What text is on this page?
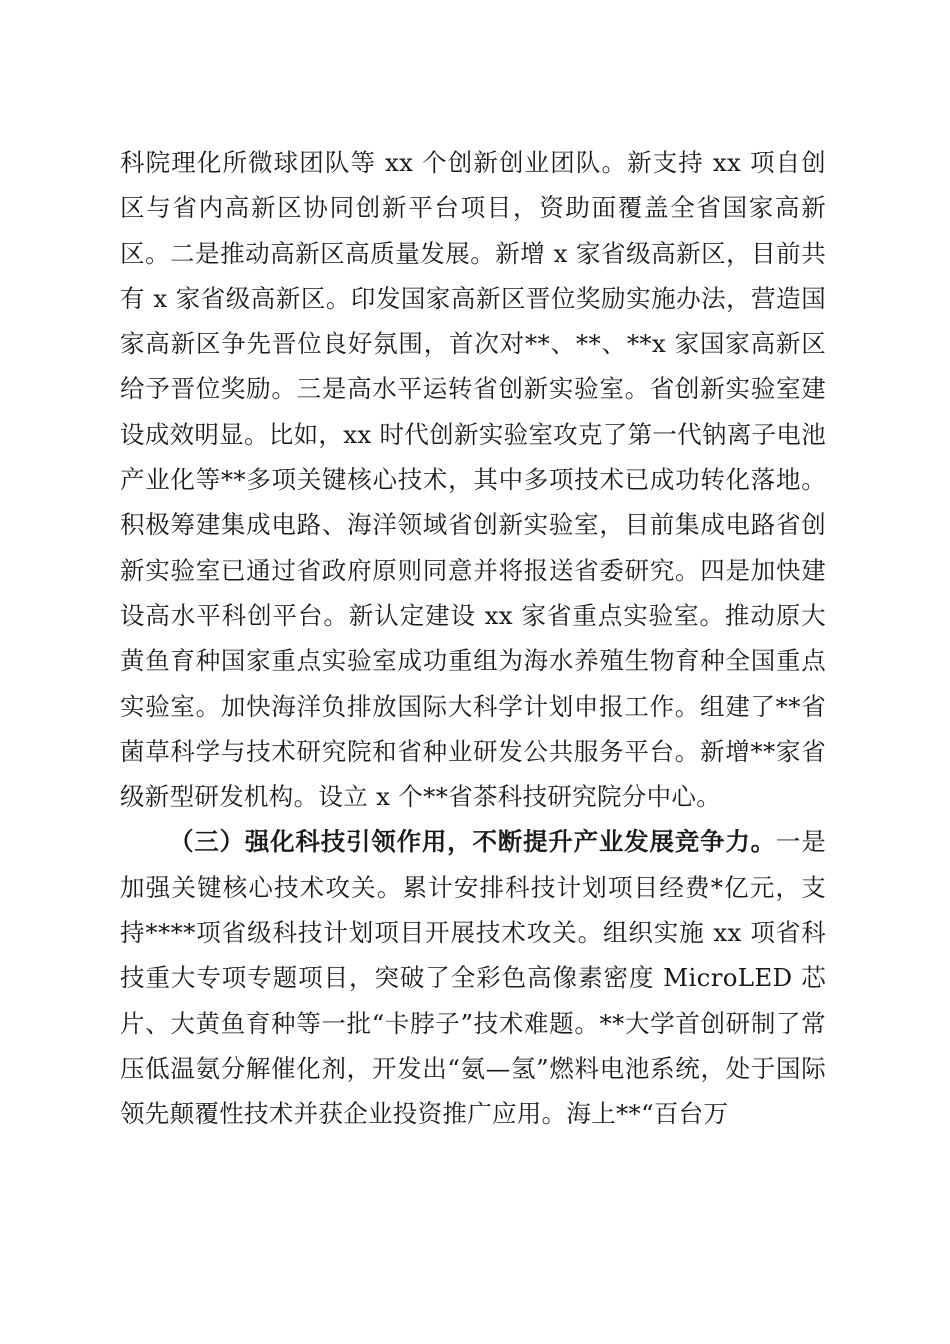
科院理化所微球团队等 xx 个创新创业团队。新支持 xx 项自创区与省内高新区协同创新平台项目，资助面覆盖全省国家高新区。二是推动高新区高质量发展。新增 x 家省级高新区，目前共有 x 家省级高新区。印发国家高新区晋位奖励实施办法，营造国家高新区争先晋位良好氛围，首次对**、**、**x 家国家高新区给予晋位奖励。三是高水平运转省创新实验室。省创新实验室建设成效明显。比如，xx 时代创新实验室攻克了第一代钠离子电池产业化等**多项关键核心技术，其中多项技术已成功转化落地。积极筹建集成电路、海洋领域省创新实验室，目前集成电路省创新实验室已通过省政府原则同意并将报送省委研究。四是加快建设高水平科创平台。新认定建设 xx 家省重点实验室。推动原大黄鱼育种国家重点实验室成功重组为海水养殖生物育种全国重点实验室。加快海洋负排放国际大科学计划申报工作。组建了**省菌草科学与技术研究院和省种业研发公共服务平台。新增**家省级新型研发机构。设立 x 个**省茶科技研究院分中心。

（三）强化科技引领作用，不断提升产业发展竞争力。一是加强关键核心技术攻关。累计安排科技计划项目经费*亿元，支持****项省级科技计划项目开展技术攻关。组织实施 xx 项省科技重大专项专题项目，突破了全彩色高像素密度 MicroLED 芯片、大黄鱼育种等一批“卡脖子”技术难题。**大学首创研制了常压低温氨分解催化剂，开发出“氨—氢”燃料电池系统，处于国际领先颠覆性技术并获企业投资推广应用。海上**“百台万
